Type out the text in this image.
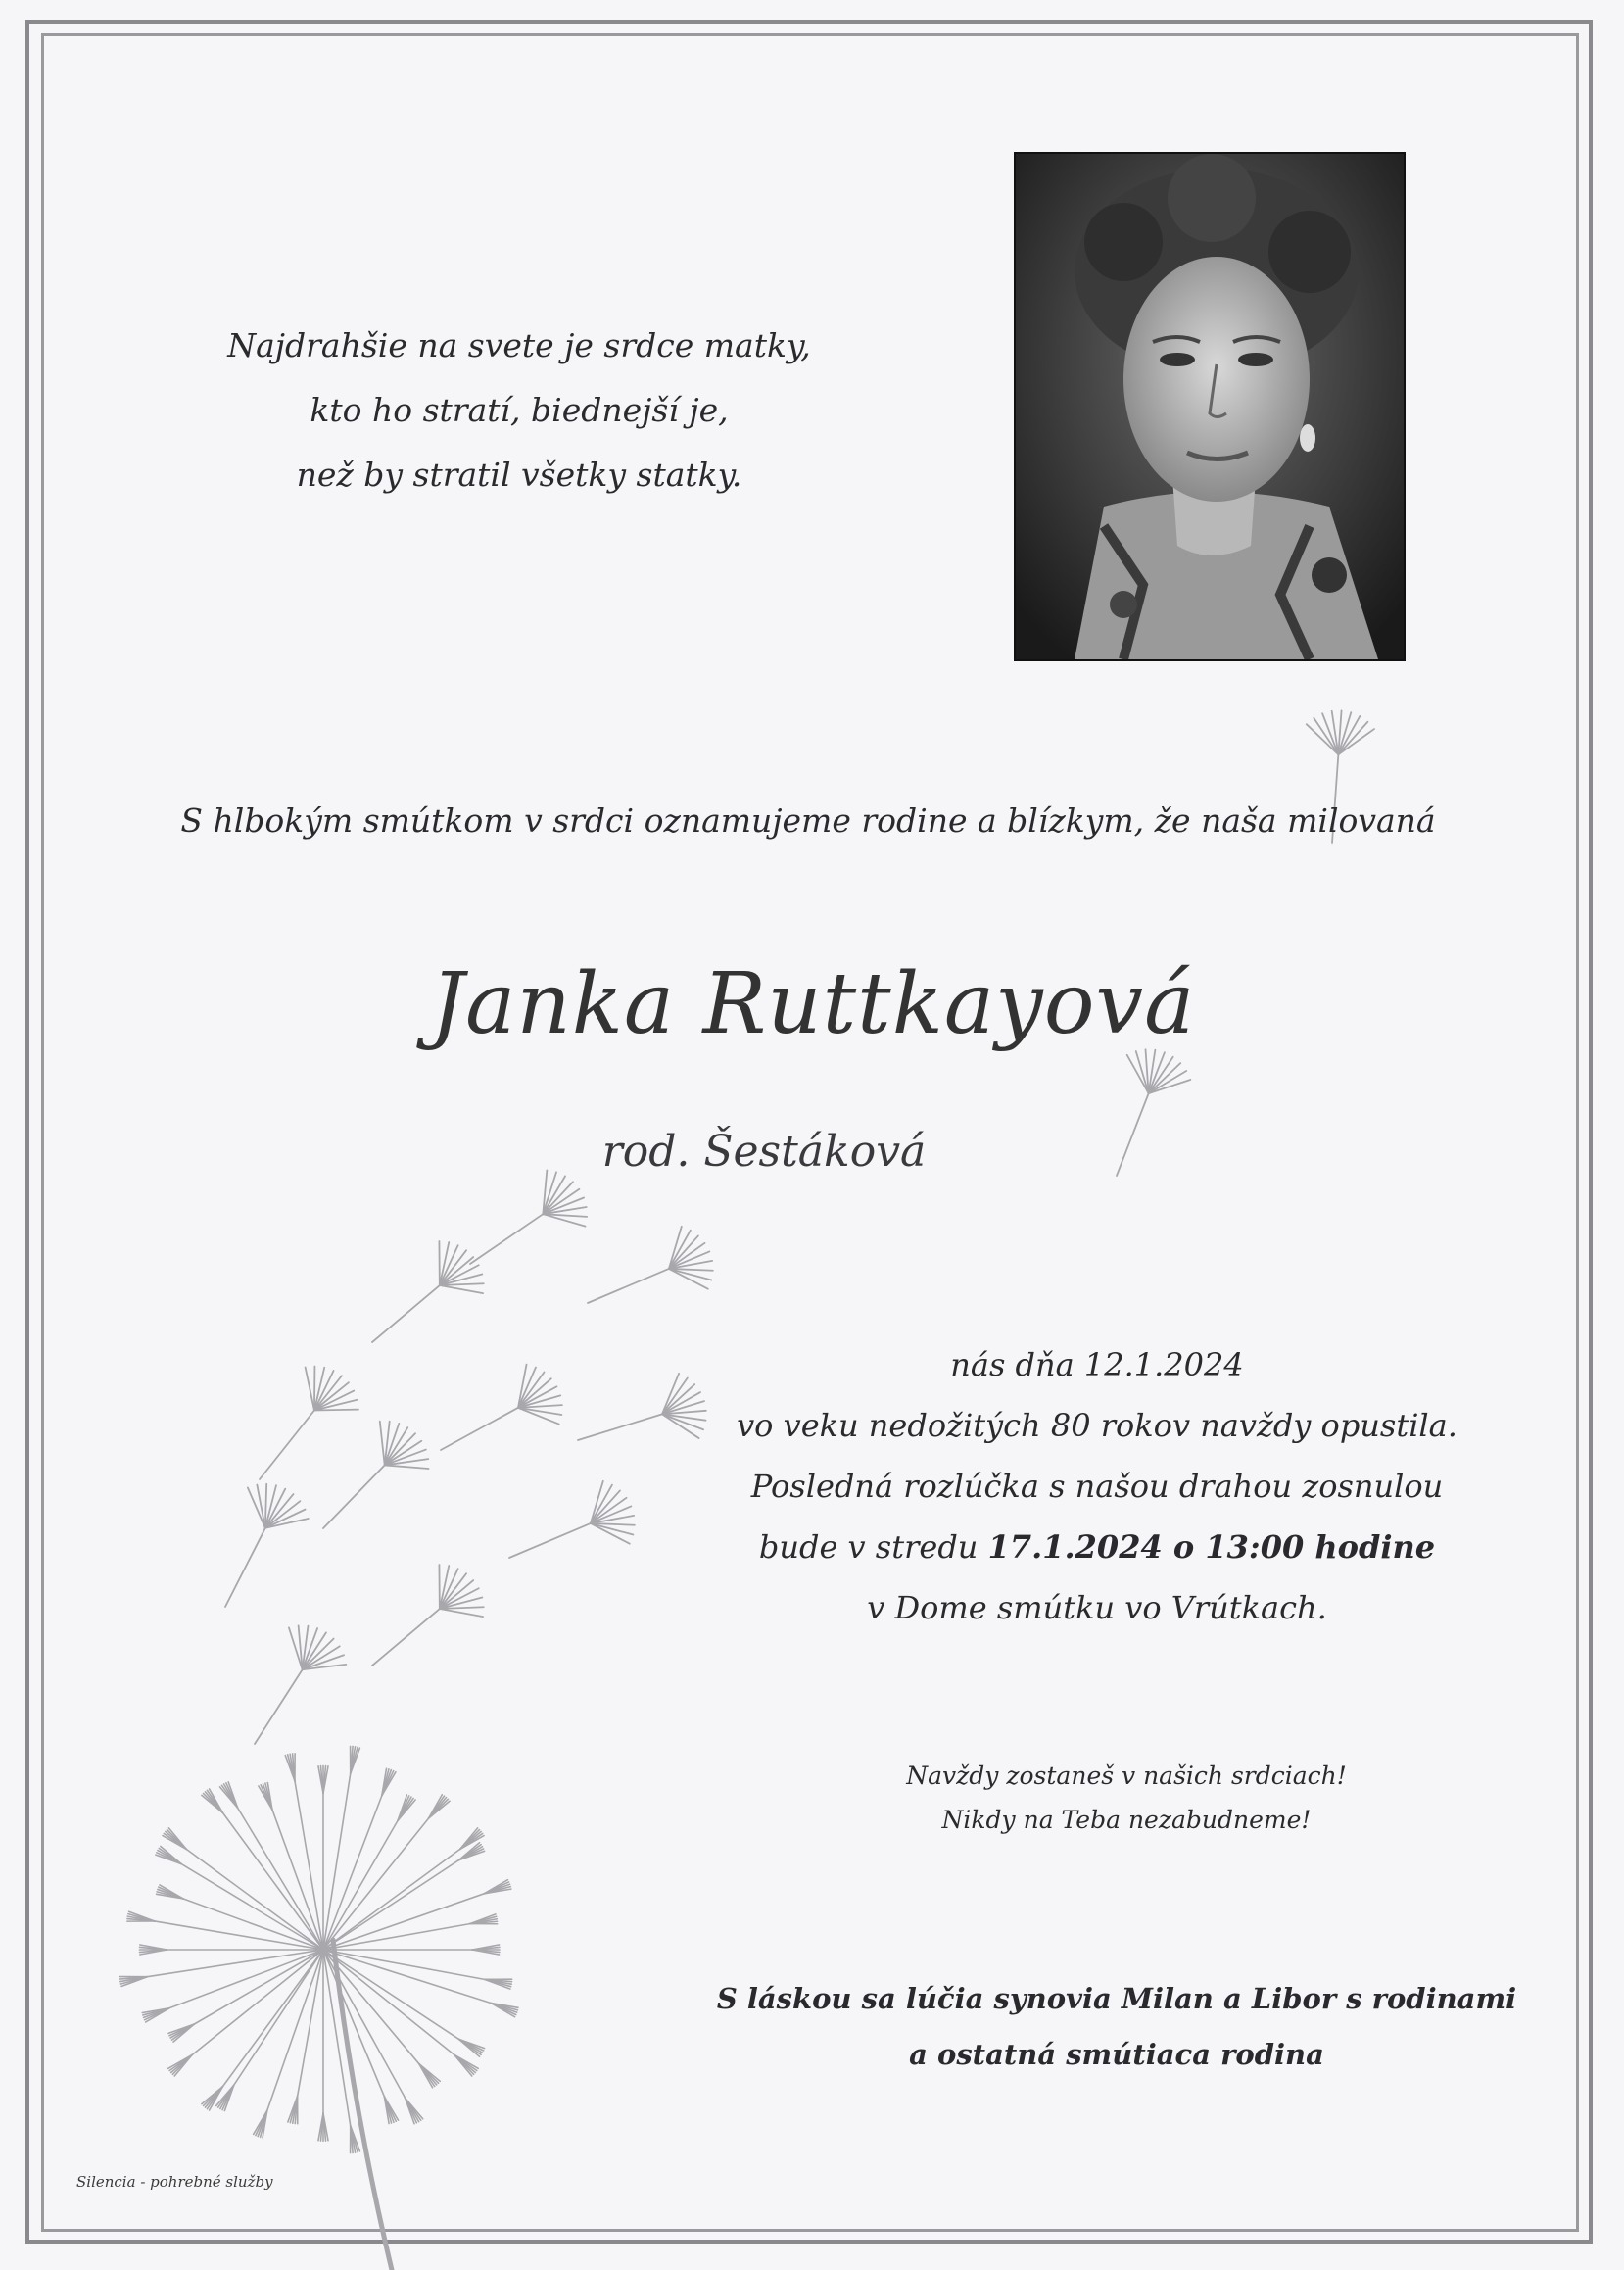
Najdrahšie na svete je srdce matky,
kto ho stratí, biednejší je,
než by stratil všetky statky.
S hlbokým smútkom v srdci oznamujeme rodine a blízkym, že naša milovaná
Janka Ruttkayová
rod. Šestáková
nás dňa 12.1.2024
vo veku nedožitých 80 rokov navždy opustila.
Posledná rozlúčka s našou drahou zosnulou
bude v stredu 17.1.2024 o 13:00 hodine
v Dome smútku vo Vrútkach.
Navždy zostaneš v našich srdciach!
Nikdy na Teba nezabudneme!
S láskou sa lúčia synovia Milan a Libor s rodinami
a ostatná smútiaca rodina
Silencia - pohrebné služby
